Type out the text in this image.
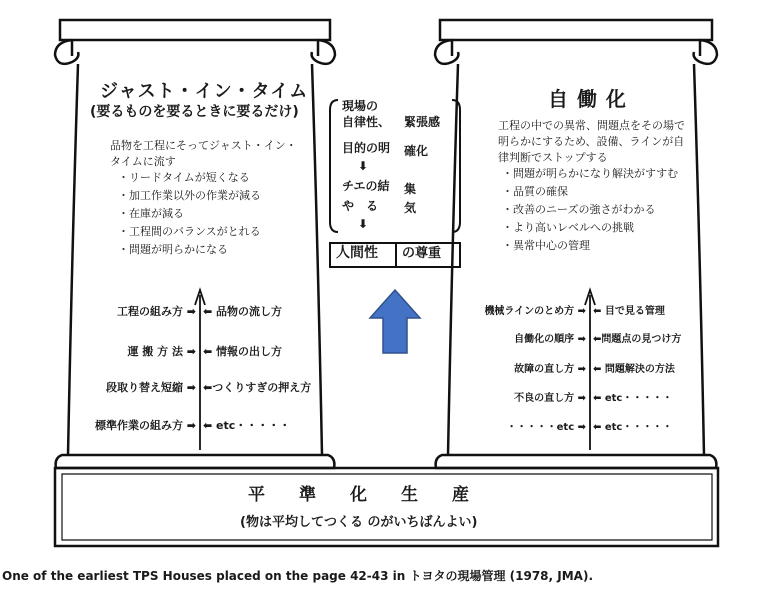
ジャスト・イン・タイム
(要るものを要るときに要るだけ)
品物を工程にそってジャスト・イン・タイムに流す
・リードタイムが短くなる
・加工作業以外の作業が減る
・在庫が減る
・工程間のバランスがとれる
・問題が明らかになる
工程の組み方 ➡ ⬅ 品物の流し方
運 搬 方 法 ➡ ⬅ 情報の出し方
段取り替え短縮 ➡ ⬅つくりすぎの押え方
標準作業の組み方 ➡ ⬅ etc・・・・・
自 働 化
工程の中での異常、問題点をその場で明らかにするため、設備、ラインが自律判断でストップする
・問題が明らかになり解決がすすむ
・品質の確保
・改善のニーズの強さがわかる
・より高いレベルへの挑戦
・異常中心の管理
機械ラインのとめ方 ➡ ⬅ 目で見る管理
自働化の順序 ➡ ⬅問題点の見つけ方
故障の直し方 ➡ ⬅ 問題解決の方法
不良の直し方 ➡ ⬅ etc・・・・・
・・・・・etc ➡ ⬅ etc・・・・・
現場の
自律性、 緊張感
目的の明 確化
⬇
チエの結 集
や　る 気
⬇
人間性 の尊重
平　　準　　化　　生　　産
(物は平均してつくる のがいちばんよい)
One of the earliest TPS Houses placed on the page 42-43 in トヨタの現場管理 (1978, JMA).
